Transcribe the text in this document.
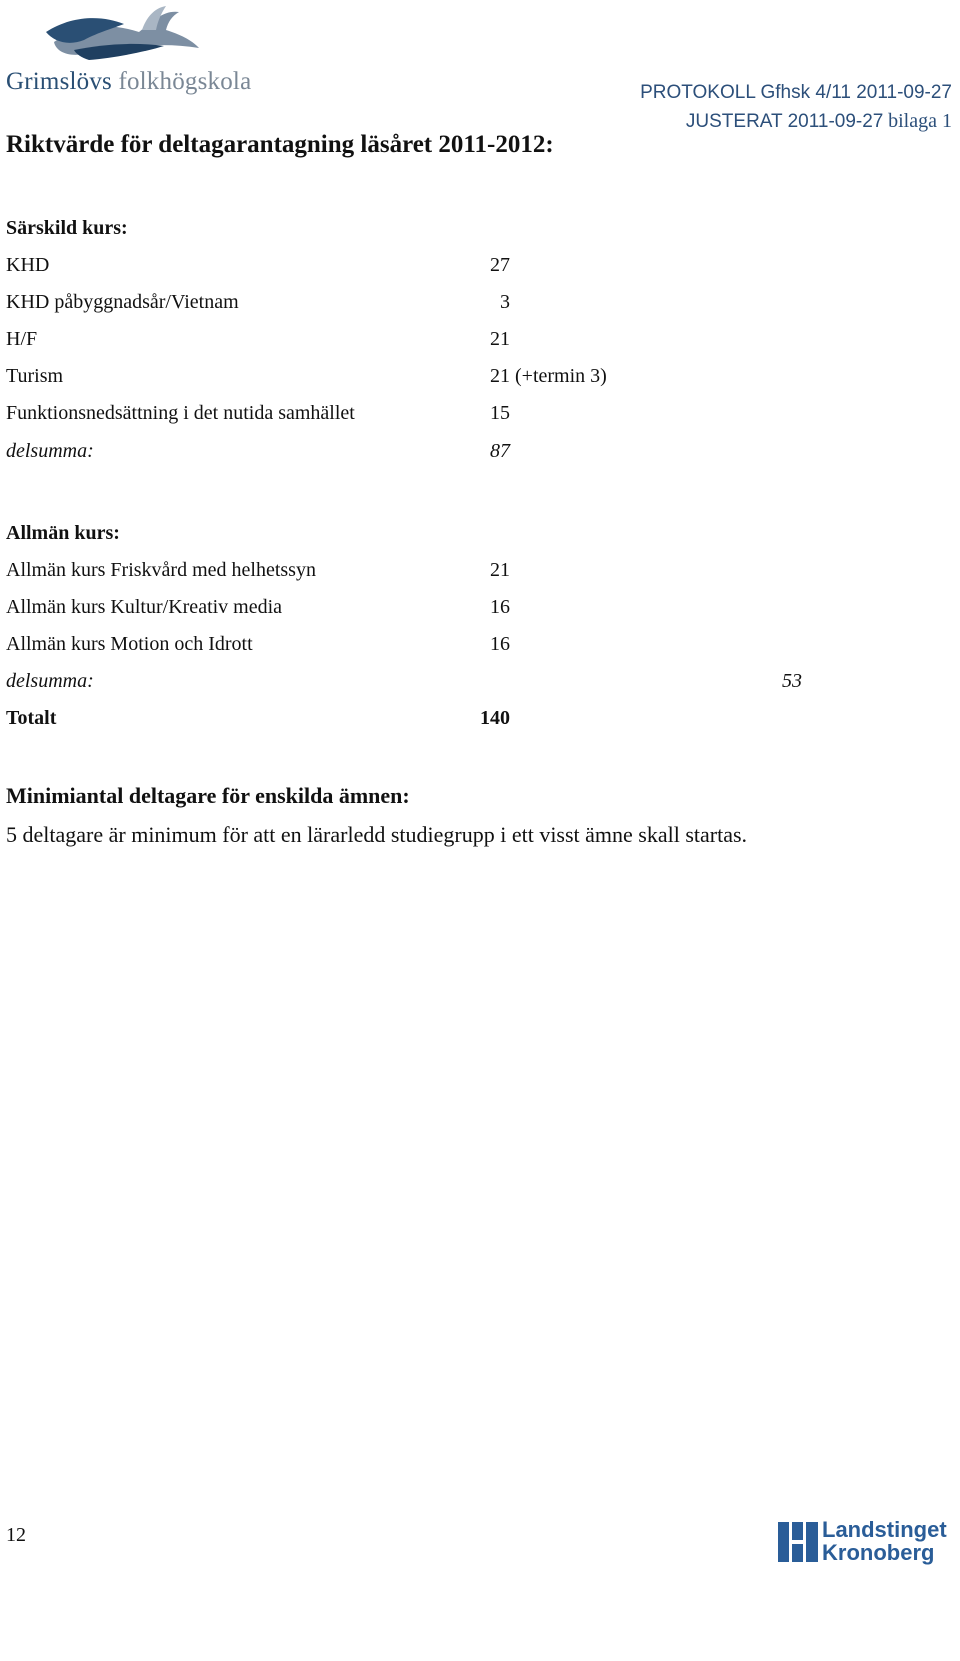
Grimslövs folkhögskola	PROTOKOLL Gfhsk 4/11 2011-09-27
JUSTERAT 2011-09-27 bilaga 1
Riktvärde för deltagarantagning läsåret 2011-2012:
Särskild kurs:
KHD	27
KHD påbyggnadsår/Vietnam	3
H/F	21
Turism	21 (+termin 3)
Funktionsnedsättning i det nutida samhället	15
delsumma:	87
Allmän kurs:
Allmän kurs Friskvård med helhetssyn	21
Allmän kurs Kultur/Kreativ media	16
Allmän kurs Motion och Idrott	16
delsumma:	53
Totalt	140
Minimiantal deltagare för enskilda ämnen:
5 deltagare är minimum för att en lärarledd studiegrupp i ett visst ämne skall startas.
12	Landstinget
Kronoberg
